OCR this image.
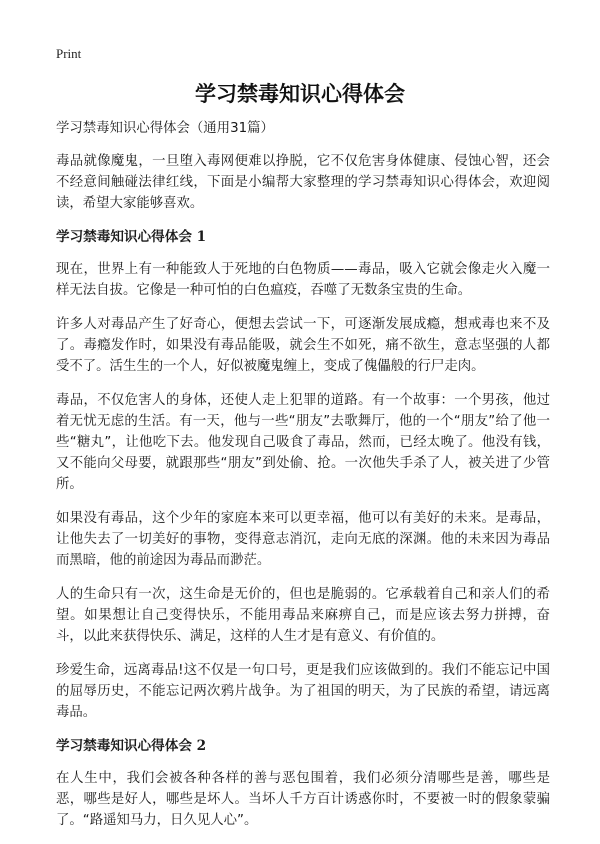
Print
学习禁毒知识心得体会

学习禁毒知识心得体会（通用31篇）

毒品就像魔鬼，一旦堕入毒网便难以挣脱，它不仅危害身体健康、侵蚀心智，还会不经意间触碰法律红线，下面是小编帮大家整理的学习禁毒知识心得体会，欢迎阅读，希望大家能够喜欢。

学习禁毒知识心得体会 1

现在，世界上有一种能致人于死地的白色物质——毒品，吸入它就会像走火入魔一样无法自拔。它像是一种可怕的白色瘟疫，吞噬了无数条宝贵的生命。

许多人对毒品产生了好奇心，便想去尝试一下，可逐渐发展成瘾，想戒毒也来不及了。毒瘾发作时，如果没有毒品能吸，就会生不如死，痛不欲生，意志坚强的人都受不了。活生生的一个人，好似被魔鬼缠上，变成了傀儡般的行尸走肉。

毒品，不仅危害人的身体，还使人走上犯罪的道路。有一个故事：一个男孩，他过着无忧无虑的生活。有一天，他与一些“朋友”去歌舞厅，他的一个“朋友”给了他一些“糖丸”，让他吃下去。他发现自己吸食了毒品，然而，已经太晚了。他没有钱，又不能向父母要，就跟那些“朋友”到处偷、抢。一次他失手杀了人，被关进了少管所。

如果没有毒品，这个少年的家庭本来可以更幸福，他可以有美好的未来。是毒品，让他失去了一切美好的事物，变得意志消沉，走向无底的深渊。他的未来因为毒品而黑暗，他的前途因为毒品而渺茫。

人的生命只有一次，这生命是无价的，但也是脆弱的。它承载着自己和亲人们的希望。如果想让自己变得快乐，不能用毒品来麻痹自己，而是应该去努力拼搏，奋斗，以此来获得快乐、满足，这样的人生才是有意义、有价值的。

珍爱生命，远离毒品!这不仅是一句口号，更是我们应该做到的。我们不能忘记中国的屈辱历史，不能忘记两次鸦片战争。为了祖国的明天，为了民族的希望，请远离毒品。

学习禁毒知识心得体会 2

在人生中，我们会被各种各样的善与恶包围着，我们必须分清哪些是善，哪些是恶，哪些是好人，哪些是坏人。当坏人千方百计诱惑你时，不要被一时的假象蒙骗了。“路遥知马力，日久见人心”。
